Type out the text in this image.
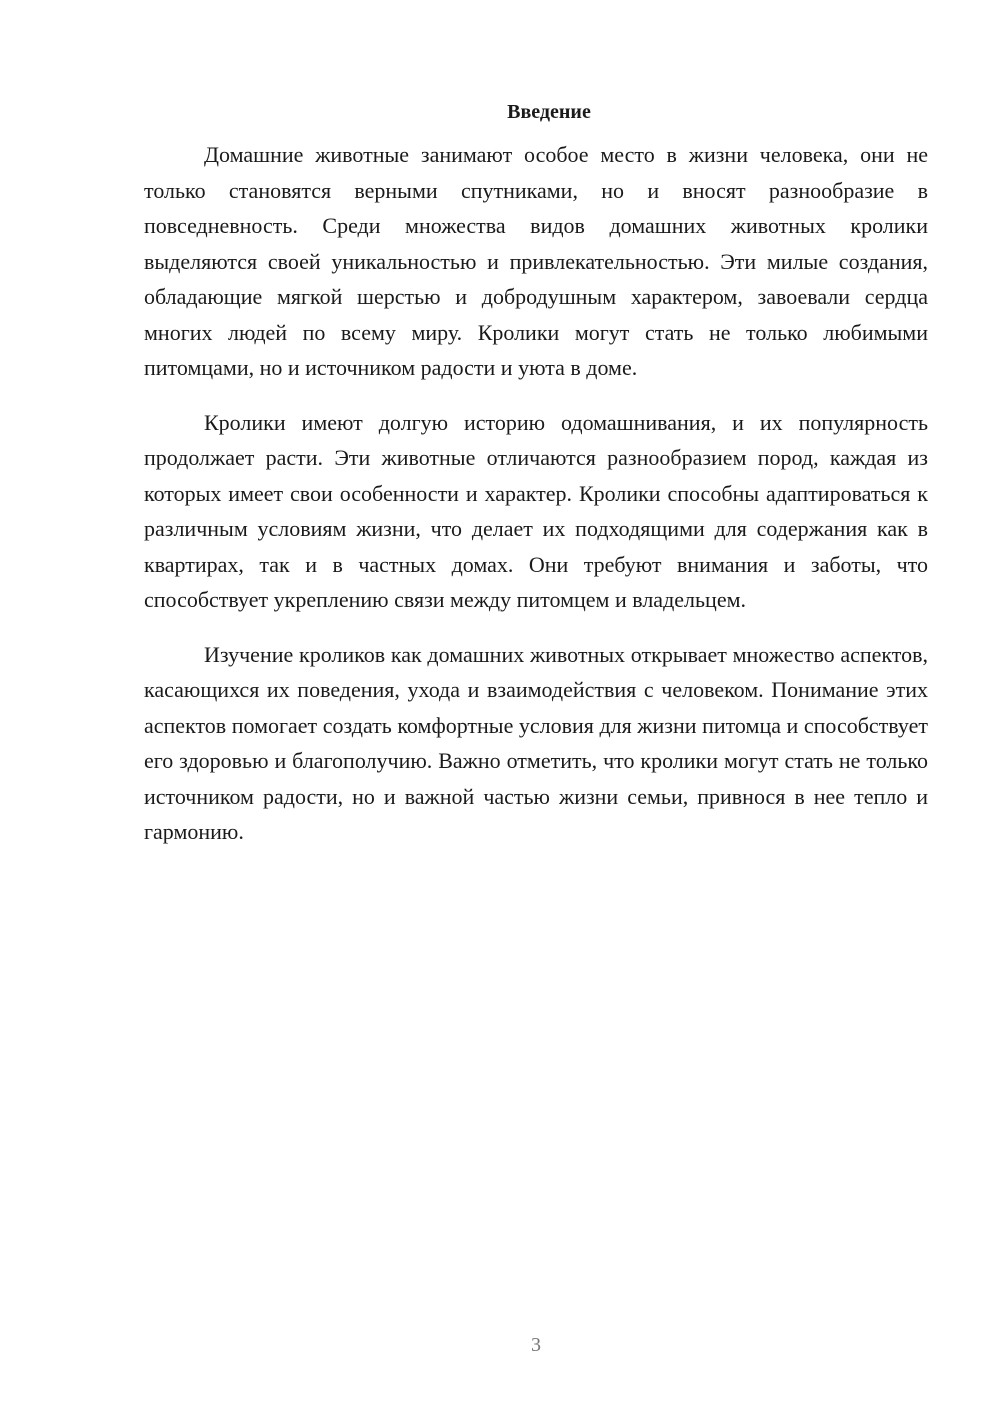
Введение

Домашние животные занимают особое место в жизни человека, они не только становятся верными спутниками, но и вносят разнообразие в повседневность. Среди множества видов домашних животных кролики выделяются своей уникальностью и привлекательностью. Эти милые создания, обладающие мягкой шерстью и добродушным характером, завоевали сердца многих людей по всему миру. Кролики могут стать не только любимыми питомцами, но и источником радости и уюта в доме.

Кролики имеют долгую историю одомашнивания, и их популярность продолжает расти. Эти животные отличаются разнообразием пород, каждая из которых имеет свои особенности и характер. Кролики способны адаптироваться к различным условиям жизни, что делает их подходящими для содержания как в квартирах, так и в частных домах. Они требуют внимания и заботы, что способствует укреплению связи между питомцем и владельцем.

Изучение кроликов как домашних животных открывает множество аспектов, касающихся их поведения, ухода и взаимодействия с человеком. Понимание этих аспектов помогает создать комфортные условия для жизни питомца и способствует его здоровью и благополучию. Важно отметить, что кролики могут стать не только источником радости, но и важной частью жизни семьи, привнося в нее тепло и гармонию.

3
